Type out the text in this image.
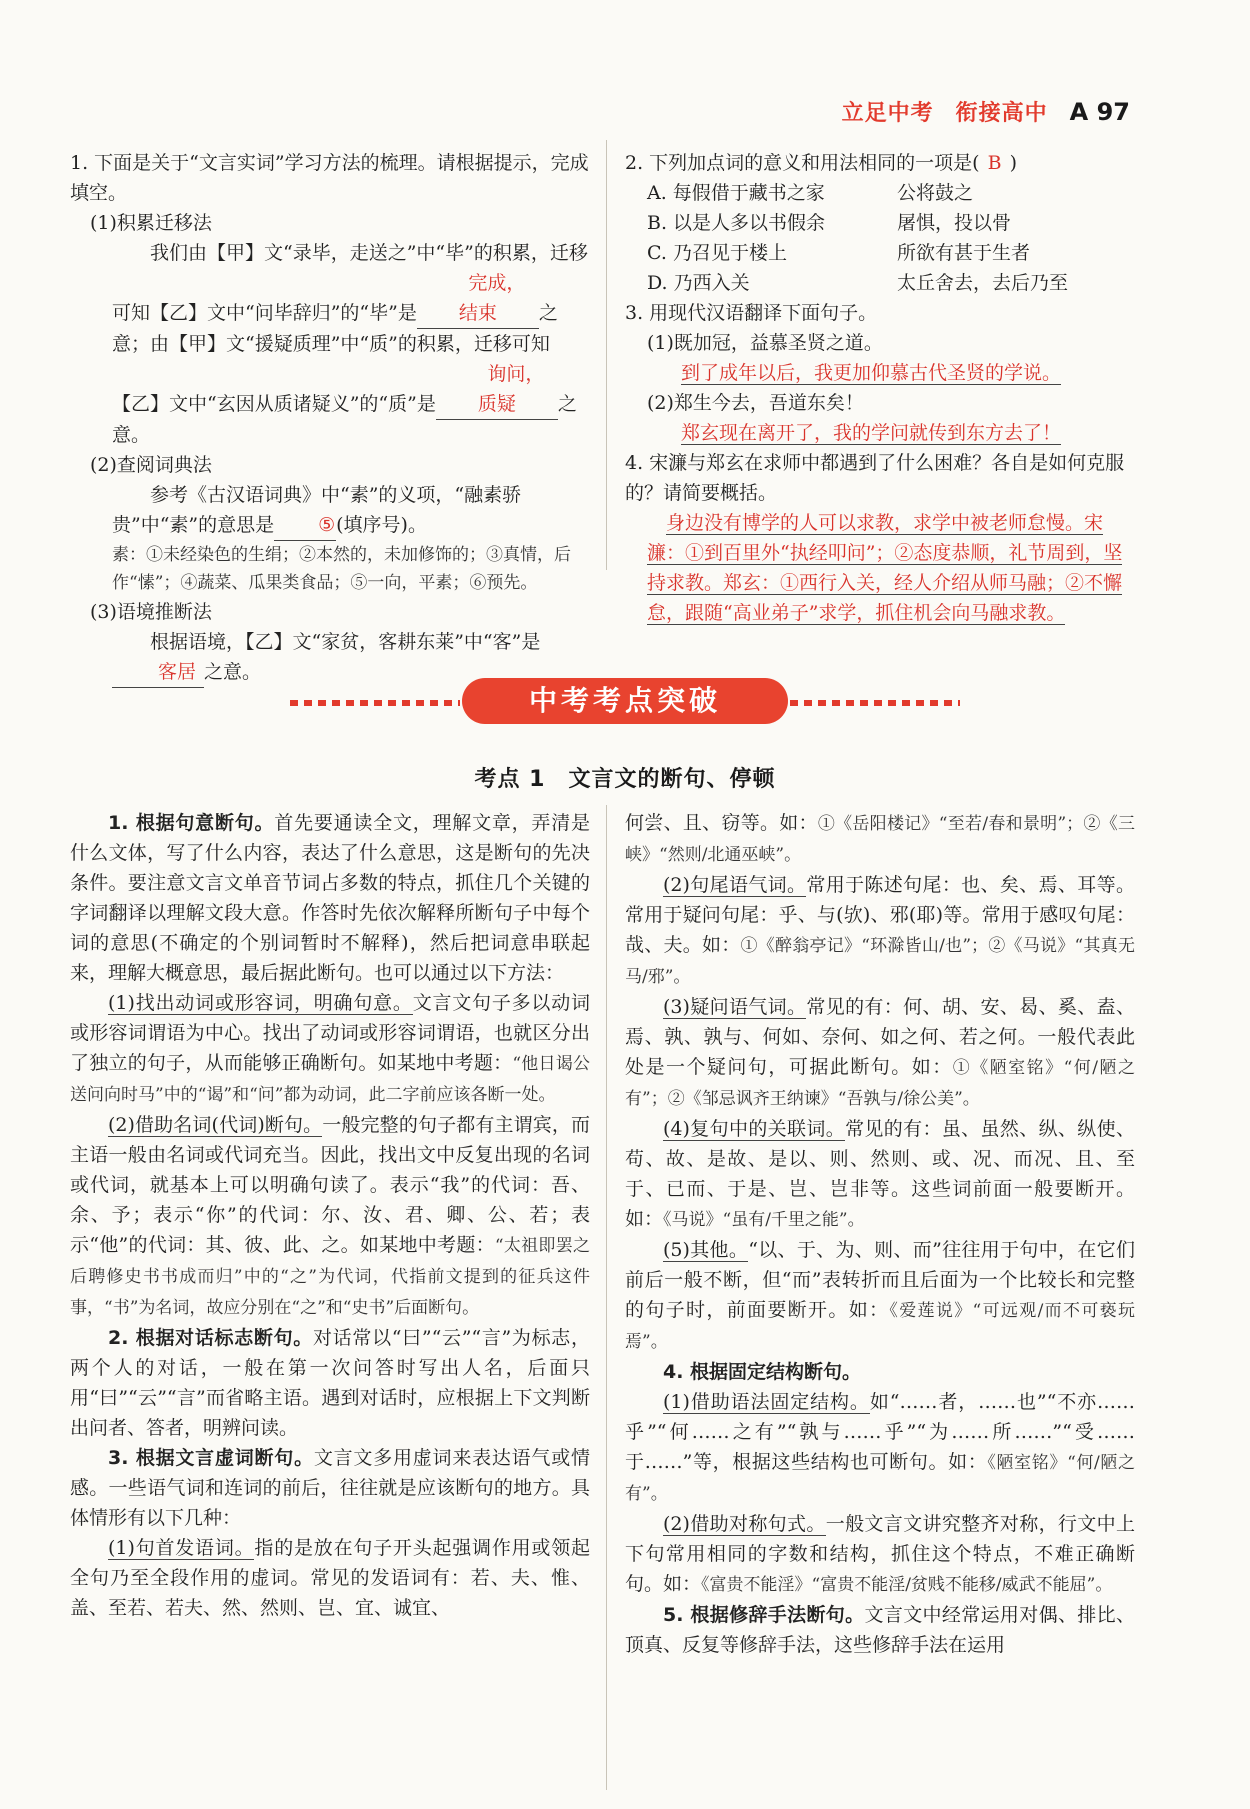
立足中考 衔接高中 A 97

1. 下面是关于“文言实词”学习方法的梳理。请根据提示，完成填空。

(1)积累迁移法

我们由【甲】文“录毕，走送之”中“毕”的积累，迁移可知【乙】文中“问毕辞归”的“毕”是完成，结束 之意；由【甲】文“援疑质理”中“质”的积累，迁移可知【乙】文中“玄因从质诸疑义”的“质”是询问，质疑 之意。

(2)查阅词典法

参考《古汉语词典》中“素”的义项，“融素骄贵”中“素”的意思是 ⑤(填序号)。

素：①未经染色的生绢；②本然的，未加修饰的；③真情，后作“愫”；④蔬菜、瓜果类食品；⑤一向，平素；⑥预先。

(3)语境推断法

根据语境，【乙】文“家贫，客耕东莱”中“客”是客居 之意。

2. 下列加点词的意义和用法相同的一项是( B )

A. 每假借于藏书之家	公将鼓之
B. 以是人多以书假余	屠惧，投以骨
C. 乃召见于楼上	所欲有甚于生者
D. 乃西入关	太丘舍去，去后乃至

3. 用现代汉语翻译下面句子。

(1)既加冠，益慕圣贤之道。

到了成年以后，我更加仰慕古代圣贤的学说。

(2)郑生今去，吾道东矣！

郑玄现在离开了，我的学问就传到东方去了！

4. 宋濂与郑玄在求师中都遇到了什么困难？各自是如何克服的？请简要概括。

身边没有博学的人可以求教，求学中被老师怠慢。宋濂：①到百里外“执经叩问”；②态度恭顺，礼节周到，坚持求教。郑玄：①西行入关，经人介绍从师马融；②不懈怠，跟随“高业弟子”求学，抓住机会向马融求教。

中考考点突破
考点 1　文言文的断句、停顿

1. 根据句意断句。首先要通读全文，理解文章，弄清是什么文体，写了什么内容，表达了什么意思，这是断句的先决条件。要注意文言文单音节词占多数的特点，抓住几个关键的字词翻译以理解文段大意。作答时先依次解释所断句子中每个词的意思(不确定的个别词暂时不解释)，然后把词意串联起来，理解大概意思，最后据此断句。也可以通过以下方法：

(1)找出动词或形容词，明确句意。文言文句子多以动词或形容词谓语为中心。找出了动词或形容词谓语，也就区分出了独立的句子，从而能够正确断句。如某地中考题：“他日谒公送问向时马”中的“谒”和“问”都为动词，此二字前应该各断一处。

(2)借助名词(代词)断句。一般完整的句子都有主谓宾，而主语一般由名词或代词充当。因此，找出文中反复出现的名词或代词，就基本上可以明确句读了。表示“我”的代词：吾、余、予；表示“你”的代词：尔、汝、君、卿、公、若；表示“他”的代词：其、彼、此、之。如某地中考题：“太祖即罢之后聘修史书书成而归”中的“之”为代词，代指前文提到的征兵这件事，“书”为名词，故应分别在“之”和“史书”后面断句。

2. 根据对话标志断句。对话常以“曰”“云”“言”为标志，两个人的对话，一般在第一次问答时写出人名，后面只用“曰”“云”“言”而省略主语。遇到对话时，应根据上下文判断出问者、答者，明辨问读。

3. 根据文言虚词断句。文言文多用虚词来表达语气或情感。一些语气词和连词的前后，往往就是应该断句的地方。具体情形有以下几种：

(1)句首发语词。指的是放在句子开头起强调作用或领起全句乃至全段作用的虚词。常见的发语词有：若、夫、惟、盖、至若、若夫、然、然则、岂、宜、诚宜、

何尝、且、窃等。如：①《岳阳楼记》“至若/春和景明”；②《三峡》“然则/北通巫峡”。

(2)句尾语气词。常用于陈述句尾：也、矣、焉、耳等。常用于疑问句尾：乎、与(欤)、邪(耶)等。常用于感叹句尾：哉、夫。如：①《醉翁亭记》“环滁皆山/也”；②《马说》“其真无马/邪”。

(3)疑问语气词。常见的有：何、胡、安、曷、奚、盍、焉、孰、孰与、何如、奈何、如之何、若之何。一般代表此处是一个疑问句，可据此断句。如：①《陋室铭》“何/陋之有”；②《邹忌讽齐王纳谏》“吾孰与/徐公美”。

(4)复句中的关联词。常见的有：虽、虽然、纵、纵使、苟、故、是故、是以、则、然则、或、况、而况、且、至于、已而、于是、岂、岂非等。这些词前面一般要断开。如：《马说》“虽有/千里之能”。

(5)其他。“以、于、为、则、而”往往用于句中，在它们前后一般不断，但“而”表转折而且后面为一个比较长和完整的句子时，前面要断开。如：《爱莲说》“可远观/而不可亵玩焉”。

4. 根据固定结构断句。

(1)借助语法固定结构。如“……者，……也”“不亦……乎”“何……之有”“孰与……乎”“为……所……”“受……于……”等，根据这些结构也可断句。如：《陋室铭》“何/陋之有”。

(2)借助对称句式。一般文言文讲究整齐对称，行文中上下句常用相同的字数和结构，抓住这个特点，不难正确断句。如：《富贵不能淫》“富贵不能淫/贫贱不能移/威武不能屈”。

5. 根据修辞手法断句。文言文中经常运用对偶、排比、顶真、反复等修辞手法，这些修辞手法在运用
